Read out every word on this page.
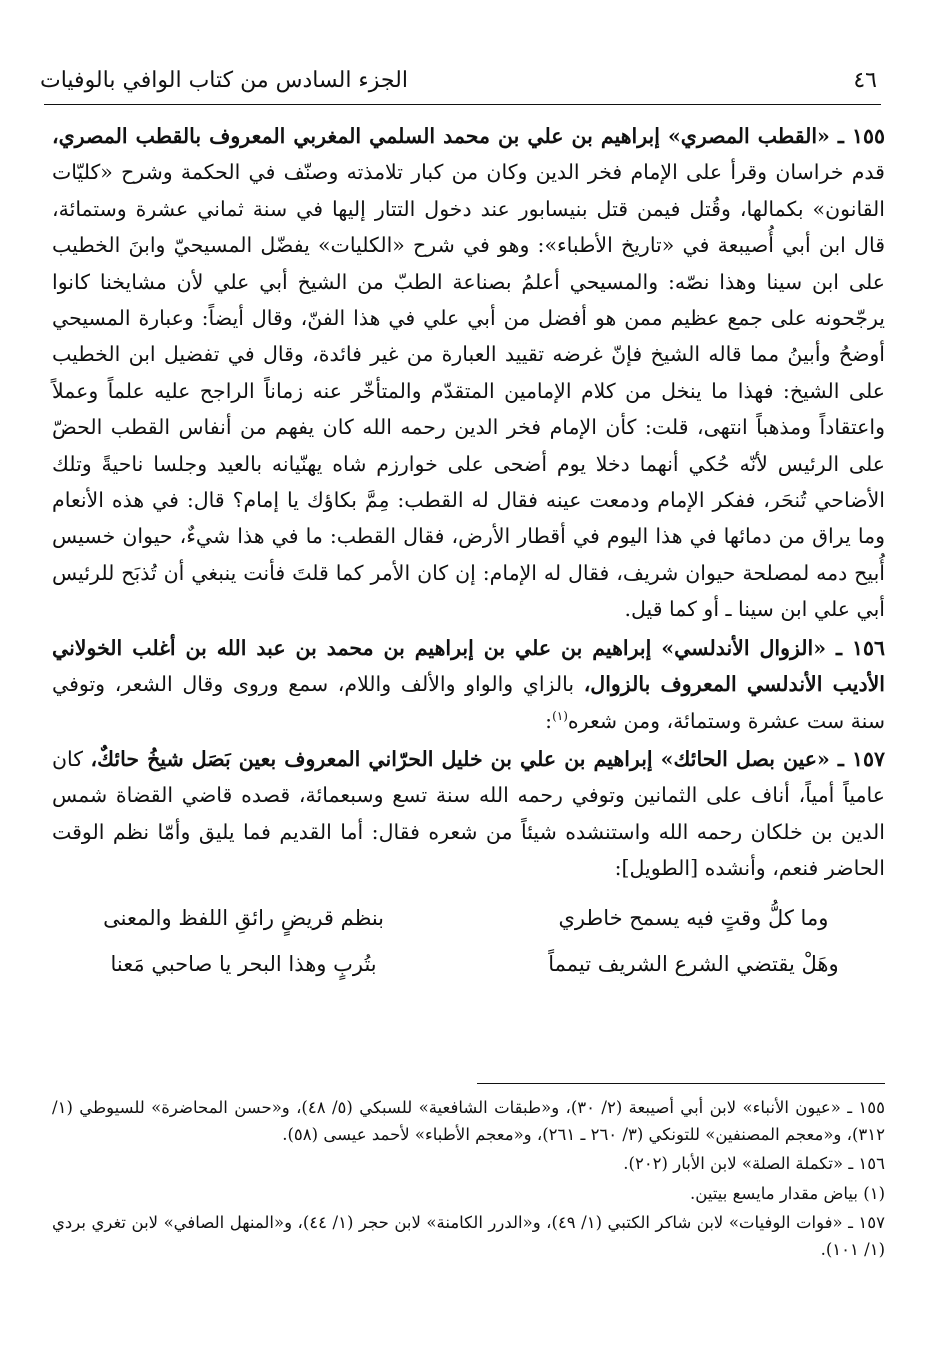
٤٦
الجزء السادس من كتاب الوافي بالوفيات

١٥٥ ـ «القطب المصري» إبراهيم بن علي بن محمد السلمي المغربي المعروف بالقطب المصري، قدم خراسان وقرأ على الإمام فخر الدين وكان من كبار تلامذته وصنّف في الحكمة وشرح «كليّات القانون» بكمالها، وقُتل فيمن قتل بنيسابور عند دخول التتار إليها في سنة ثماني عشرة وستمائة، قال ابن أبي أُصيبعة في «تاريخ الأطباء»: وهو في شرح «الكليات» يفضّل المسيحيّ وابنَ الخطيب على ابن سينا وهذا نصّه: والمسيحي أعلمُ بصناعة الطبّ من الشيخ أبي علي لأن مشايخنا كانوا يرجّحونه على جمع عظيم ممن هو أفضل من أبي علي في هذا الفنّ، وقال أيضاً: وعبارة المسيحي أوضحُ وأبينُ مما قاله الشيخ فإنّ غرضه تقييد العبارة من غير فائدة، وقال في تفضيل ابن الخطيب على الشيخ: فهذا ما ينخل من كلام الإمامين المتقدّم والمتأخّر عنه زماناً الراجح عليه علماً وعملاً واعتقاداً ومذهباً انتهى، قلت: كأن الإمام فخر الدين رحمه الله كان يفهم من أنفاس القطب الحضّ على الرئيس لأنّه حُكي أنهما دخلا يوم أضحى على خوارزم شاه يهنّيانه بالعيد وجلسا ناحيةً وتلك الأضاحي تُنحَر، ففكر الإمام ودمعت عينه فقال له القطب: مِمَّ بكاؤك يا إمام؟ قال: في هذه الأنعام وما يراق من دمائها في هذا اليوم في أقطار الأرض، فقال القطب: ما في هذا شيءٌ، حيوان خسيس أُبيح دمه لمصلحة حيوان شريف، فقال له الإمام: إن كان الأمر كما قلتَ فأنت ينبغي أن تُذبَح للرئيس أبي علي ابن سينا ـ أو كما قيل.

١٥٦ ـ «الزوال الأندلسي» إبراهيم بن علي بن إبراهيم بن محمد بن عبد الله بن أغلب الخولاني الأديب الأندلسي المعروف بالزوال، بالزاي والواو والألف واللام، سمع وروى وقال الشعر، وتوفي سنة ست عشرة وستمائة، ومن شعره$^{(١)}$:

١٥٧ ـ «عين بصل الحائك» إبراهيم بن علي بن خليل الحرّاني المعروف بعين بَصَل شيخُ حائكٌ، كان عامياً أمياً، أناف على الثمانين وتوفي رحمه الله سنة تسع وسبعمائة، قصده قاضي القضاة شمس الدين بن خلكان رحمه الله واستنشده شيئاً من شعره فقال: أما القديم فما يليق وأمّا نظم الوقت الحاضر فنعم، وأنشده [الطويل]:

وما كلُّ وقتٍ فيه يسمح خاطري
بنظم قريضٍ رائقِ اللفظ والمعنى
وهَلْ يقتضي الشرع الشريف تيمماً
بتُربٍ وهذا البحر يا صاحبي مَعنا

١٥٥ ـ «عيون الأنباء» لابن أبي أصيبعة (٢/ ٣٠)، و«طبقات الشافعية» للسبكي (٥/ ٤٨)، و«حسن المحاضرة» للسيوطي (١/ ٣١٢)، و«معجم المصنفين» للتونكي (٣/ ٢٦٠ ـ ٢٦١)، و«معجم الأطباء» لأحمد عيسى (٥٨).

١٥٦ ـ «تكملة الصلة» لابن الأبار (٢٠٢).

(١) بياض مقدار مايسع بيتين.

١٥٧ ـ «فوات الوفيات» لابن شاكر الكتبي (١/ ٤٩)، و«الدرر الكامنة» لابن حجر (١/ ٤٤)، و«المنهل الصافي» لابن تغري بردي (١/ ١٠١).
